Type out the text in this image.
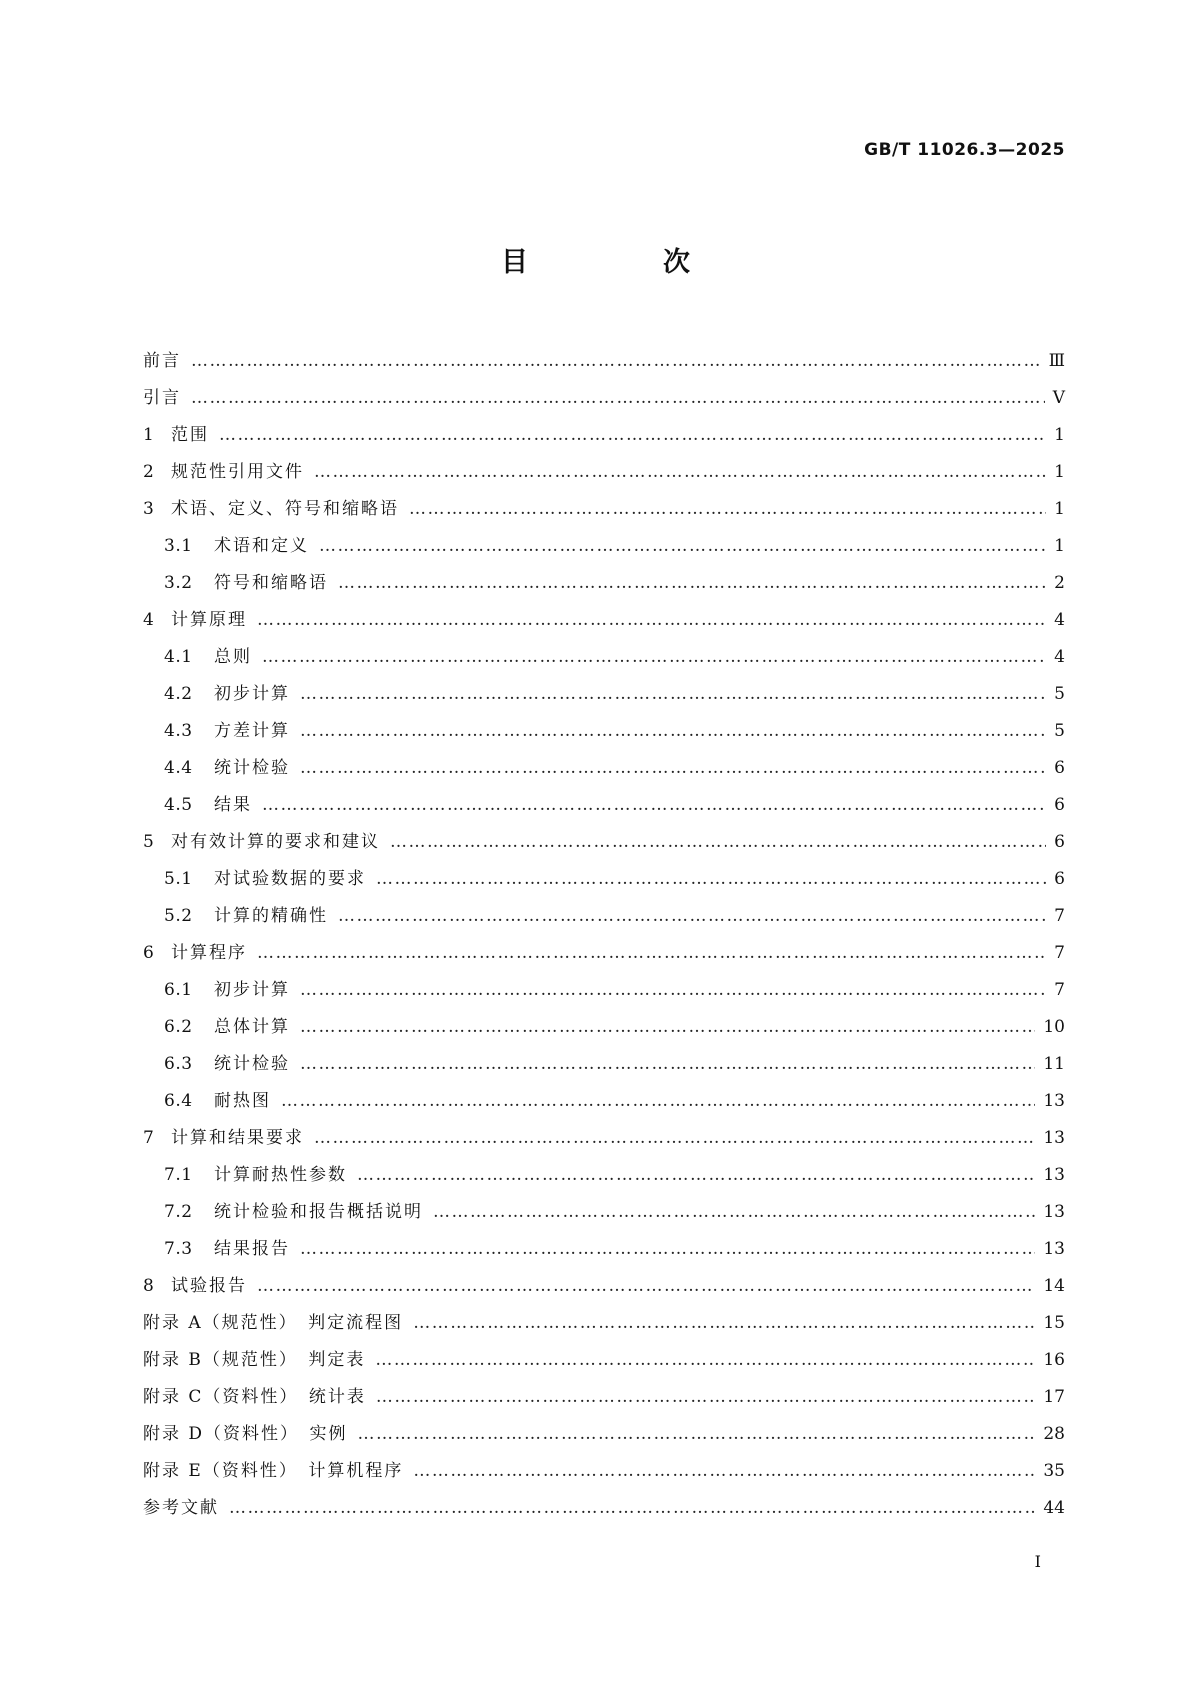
GB/T 11026.3—2025
目　次
前言 ………………………………………………………………………………………………………………………………………………………………………………………………………………………………………………………………	Ⅲ
引言 ………………………………………………………………………………………………………………………………………………………………………………………………………………………………………………………………	Ⅴ
1 范围 ………………………………………………………………………………………………………………………………………………………………………………………………………………………………………………………………	1
2 规范性引用文件 ………………………………………………………………………………………………………………………………………………………………………………………………………………………………………………………………	1
3 术语、定义、符号和缩略语 ………………………………………………………………………………………………………………………………………………………………………………………………………………………………………………………………	1
3.1	术语和定义 ………………………………………………………………………………………………………………………………………………………………………………………………………………………………………………………………	1
3.2	符号和缩略语 ………………………………………………………………………………………………………………………………………………………………………………………………………………………………………………………………	2
4 计算原理 ………………………………………………………………………………………………………………………………………………………………………………………………………………………………………………………………	4
4.1	总则 ………………………………………………………………………………………………………………………………………………………………………………………………………………………………………………………………	4
4.2	初步计算 ………………………………………………………………………………………………………………………………………………………………………………………………………………………………………………………………	5
4.3	方差计算 ………………………………………………………………………………………………………………………………………………………………………………………………………………………………………………………………	5
4.4	统计检验 ………………………………………………………………………………………………………………………………………………………………………………………………………………………………………………………………	6
4.5	结果 ………………………………………………………………………………………………………………………………………………………………………………………………………………………………………………………………	6
5 对有效计算的要求和建议 ………………………………………………………………………………………………………………………………………………………………………………………………………………………………………………………………	6
5.1	对试验数据的要求 ………………………………………………………………………………………………………………………………………………………………………………………………………………………………………………………………	6
5.2	计算的精确性 ………………………………………………………………………………………………………………………………………………………………………………………………………………………………………………………………	7
6 计算程序 ………………………………………………………………………………………………………………………………………………………………………………………………………………………………………………………………	7
6.1	初步计算 ………………………………………………………………………………………………………………………………………………………………………………………………………………………………………………………………	7
6.2	总体计算 ………………………………………………………………………………………………………………………………………………………………………………………………………………………………………………………………	10
6.3	统计检验 ………………………………………………………………………………………………………………………………………………………………………………………………………………………………………………………………	11
6.4	耐热图 ………………………………………………………………………………………………………………………………………………………………………………………………………………………………………………………………	13
7 计算和结果要求 ………………………………………………………………………………………………………………………………………………………………………………………………………………………………………………………………	13
7.1	计算耐热性参数 ………………………………………………………………………………………………………………………………………………………………………………………………………………………………………………………………	13
7.2	统计检验和报告概括说明 ………………………………………………………………………………………………………………………………………………………………………………………………………………………………………………………………	13
7.3	结果报告 ………………………………………………………………………………………………………………………………………………………………………………………………………………………………………………………………	13
8 试验报告 ………………………………………………………………………………………………………………………………………………………………………………………………………………………………………………………………	14
附录 A（规范性）　判定流程图 ………………………………………………………………………………………………………………………………………………………………………………………………………………………………………………………………	15
附录 B（规范性）　判定表 ………………………………………………………………………………………………………………………………………………………………………………………………………………………………………………………………	16
附录 C（资料性）　统计表 ………………………………………………………………………………………………………………………………………………………………………………………………………………………………………………………………	17
附录 D（资料性）　实例 ………………………………………………………………………………………………………………………………………………………………………………………………………………………………………………………………	28
附录 E（资料性）　计算机程序 ………………………………………………………………………………………………………………………………………………………………………………………………………………………………………………………………	35
参考文献 ………………………………………………………………………………………………………………………………………………………………………………………………………………………………………………………………	44
I
